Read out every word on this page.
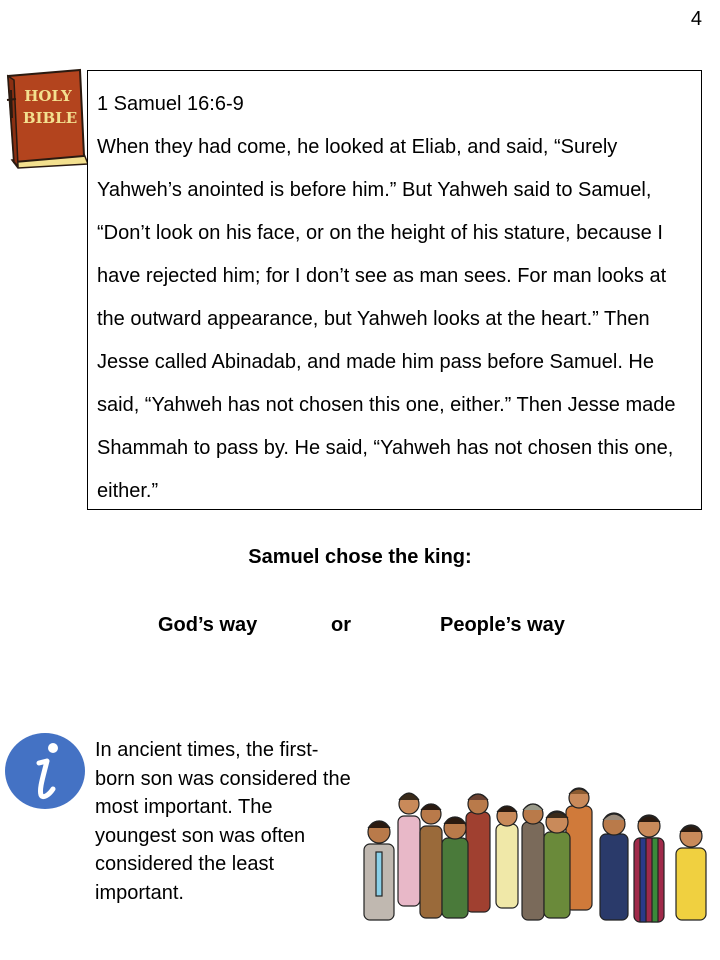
4
HOLY
BIBLE
1 Samuel 16:6-9
When they had come, he looked at Eliab, and said, “Surely Yahweh’s anointed is before him.” But Yahweh said to Samuel, “Don’t look on his face, or on the height of his stature, because I have rejected him; for I don’t see as man sees. For man looks at the outward appearance, but Yahweh looks at the heart.” Then Jesse called Abinadab, and made him pass before Samuel. He said, “Yahweh has not chosen this one, either.” Then Jesse made Shammah to pass by. He said, “Yahweh has not chosen this one, either.”
Samuel chose the king:
God’s way	or	People’s way
In ancient times, the first-born son was considered the most important. The youngest son was often considered the least important.
